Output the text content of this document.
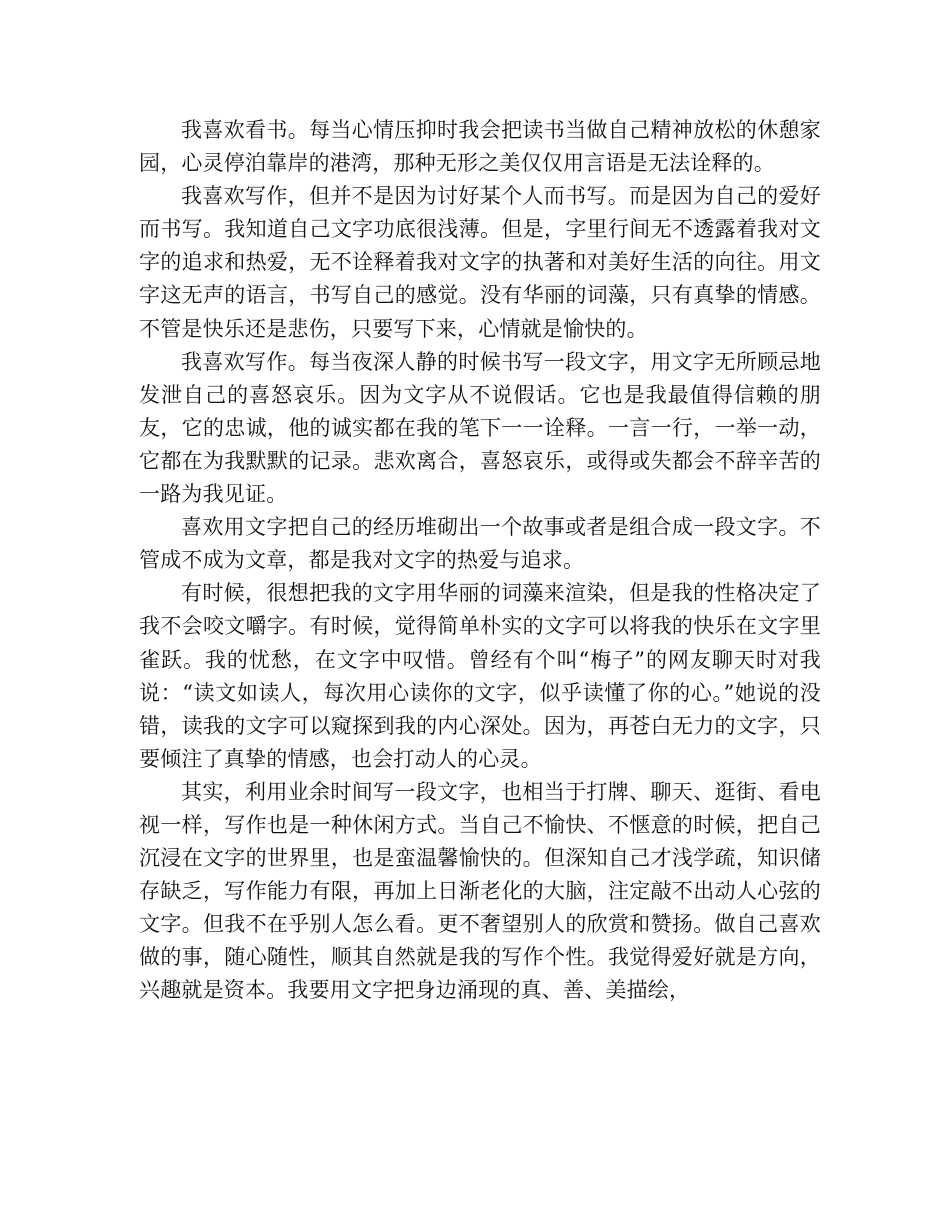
我喜欢看书。每当心情压抑时我会把读书当做自己精神放松的休憩家园，心灵停泊靠岸的港湾，那种无形之美仅仅用言语是无法诠释的。

我喜欢写作，但并不是因为讨好某个人而书写。而是因为自己的爱好而书写。我知道自己文字功底很浅薄。但是，字里行间无不透露着我对文字的追求和热爱，无不诠释着我对文字的执著和对美好生活的向往。用文字这无声的语言，书写自己的感觉。没有华丽的词藻，只有真挚的情感。不管是快乐还是悲伤，只要写下来，心情就是愉快的。

我喜欢写作。每当夜深人静的时候书写一段文字，用文字无所顾忌地发泄自己的喜怒哀乐。因为文字从不说假话。它也是我最值得信赖的朋友，它的忠诚，他的诚实都在我的笔下一一诠释。一言一行，一举一动，它都在为我默默的记录。悲欢离合，喜怒哀乐，或得或失都会不辞辛苦的一路为我见证。

喜欢用文字把自己的经历堆砌出一个故事或者是组合成一段文字。不管成不成为文章，都是我对文字的热爱与追求。

有时候，很想把我的文字用华丽的词藻来渲染，但是我的性格决定了我不会咬文嚼字。有时候，觉得简单朴实的文字可以将我的快乐在文字里雀跃。我的忧愁，在文字中叹惜。曾经有个叫“梅子”的网友聊天时对我说：“读文如读人，每次用心读你的文字，似乎读懂了你的心。”她说的没错，读我的文字可以窥探到我的内心深处。因为，再苍白无力的文字，只要倾注了真挚的情感，也会打动人的心灵。

其实，利用业余时间写一段文字，也相当于打牌、聊天、逛街、看电视一样，写作也是一种休闲方式。当自己不愉快、不惬意的时候，把自己沉浸在文字的世界里，也是蛮温馨愉快的。但深知自己才浅学疏，知识储存缺乏，写作能力有限，再加上日渐老化的大脑，注定敲不出动人心弦的文字。但我不在乎别人怎么看。更不奢望别人的欣赏和赞扬。做自己喜欢做的事，随心随性，顺其自然就是我的写作个性。我觉得爱好就是方向，兴趣就是资本。我要用文字把身边涌现的真、善、美描绘，
